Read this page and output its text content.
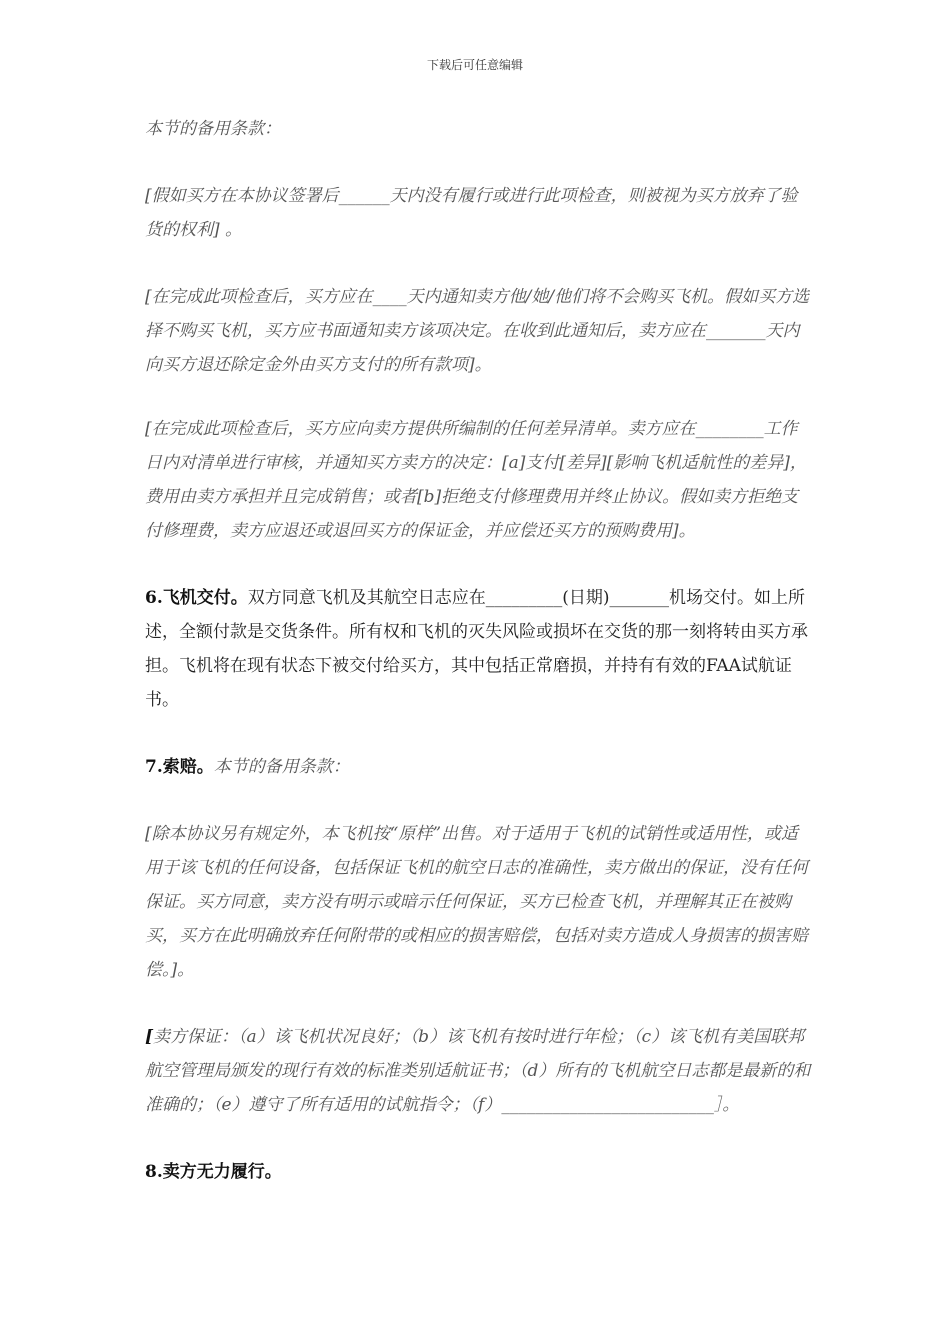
下载后可任意编辑

本节的备用条款：

[假如买方在本协议签署后______天内没有履行或进行此项检查，则被视为买方放弃了验货的权利] 。

[在完成此项检查后，买方应在____天内通知卖方他/她/他们将不会购买飞机。假如买方选择不购买飞机，买方应书面通知卖方该项决定。在收到此通知后，卖方应在_______天内向买方退还除定金外由买方支付的所有款项]。

[在完成此项检查后，买方应向卖方提供所编制的任何差异清单。卖方应在________工作日内对清单进行审核，并通知买方卖方的决定：[a]支付[差异][影响飞机适航性的差异]，费用由卖方承担并且完成销售；或者[b]拒绝支付修理费用并终止协议。假如卖方拒绝支付修理费，卖方应退还或退回买方的保证金，并应偿还买方的预购费用]。

6.飞机交付。双方同意飞机及其航空日志应在_________(日期)_______机场交付。如上所述，全额付款是交货条件。所有权和飞机的灭失风险或损坏在交货的那一刻将转由买方承担。飞机将在现有状态下被交付给买方，其中包括正常磨损，并持有有效的FAA试航证书。

7.索赔。本节的备用条款：

[除本协议另有规定外，本飞机按“原样”出售。对于适用于飞机的试销性或适用性，或适用于该飞机的任何设备，包括保证飞机的航空日志的准确性，卖方做出的保证，没有任何保证。买方同意，卖方没有明示或暗示任何保证，买方已检查飞机，并理解其正在被购买，买方在此明确放弃任何附带的或相应的损害赔偿，包括对卖方造成人身损害的损害赔偿。]。

[卖方保证：（a）该飞机状况良好；（b）该飞机有按时进行年检；（c）该飞机有美国联邦航空管理局颁发的现行有效的标准类别适航证书；（d）所有的飞机航空日志都是最新的和准确的；（e）遵守了所有适用的试航指令；（f）_________________________］。

8.卖方无力履行。
